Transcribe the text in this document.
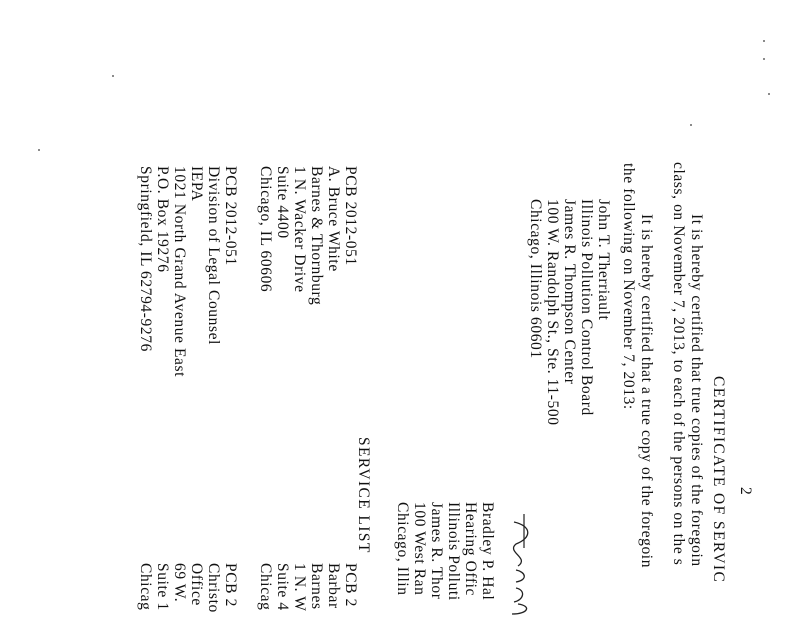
2
CERTIFICATE OF SERVIC
It is hereby certified that true copies of the foregoin
class, on November 7, 2013, to each of the persons on the s
It is hereby certified that a true copy of the foregoin
the following on November 7, 2013:
John T. Therriault
Illinois Pollution Control Board
James R. Thompson Center
100 W. Randolph St., Ste. 11-500
Chicago, Illinois 60601
Bradley P. Hal
Hearing Offic
Illinois Polluti
James R. Thor
100 West Ran
Chicago, Illin
SERVICE LIST
PCB 2012-051
A. Bruce White
Barnes & Thornburg
1 N. Wacker Drive
Suite 4400
Chicago, IL 60606
PCB 2012-051
Division of Legal Counsel
IEPA
1021 North Grand Avenue East
P.O. Box 19276
Springfield, IL 62794-9276
PCB 2
Barbar
Barnes
1 N. W
Suite 4
Chicag
PCB 2
Christo
Office
69 W.
Suite 1
Chicag
